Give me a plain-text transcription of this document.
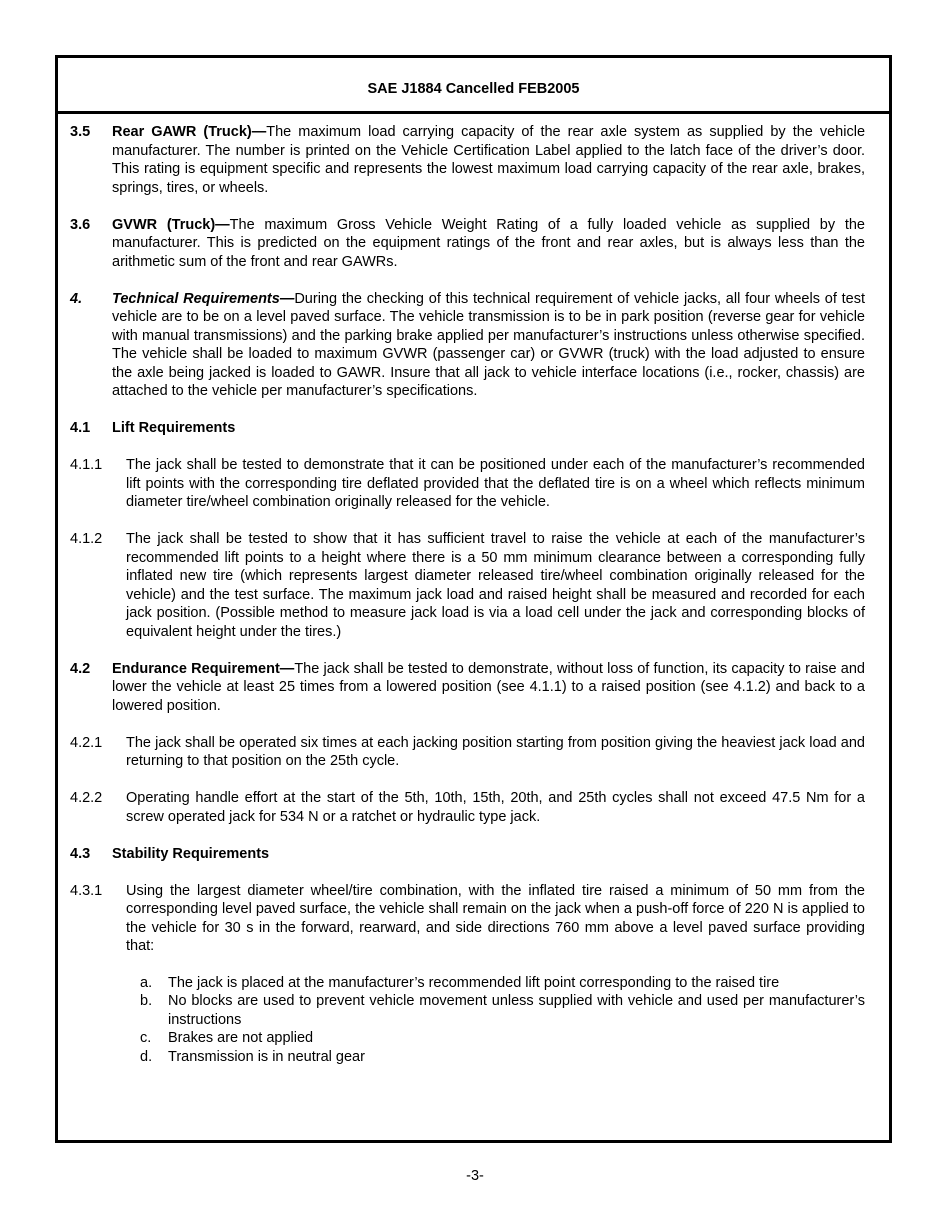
SAE J1884 Cancelled FEB2005
3.5 Rear GAWR (Truck)—The maximum load carrying capacity of the rear axle system as supplied by the vehicle manufacturer. The number is printed on the Vehicle Certification Label applied to the latch face of the driver’s door. This rating is equipment specific and represents the lowest maximum load carrying capacity of the rear axle, brakes, springs, tires, or wheels.
3.6 GVWR (Truck)—The maximum Gross Vehicle Weight Rating of a fully loaded vehicle as supplied by the manufacturer. This is predicted on the equipment ratings of the front and rear axles, but is always less than the arithmetic sum of the front and rear GAWRs.
4. Technical Requirements—During the checking of this technical requirement of vehicle jacks, all four wheels of test vehicle are to be on a level paved surface. The vehicle transmission is to be in park position (reverse gear for vehicle with manual transmissions) and the parking brake applied per manufacturer’s instructions unless otherwise specified. The vehicle shall be loaded to maximum GVWR (passenger car) or GVWR (truck) with the load adjusted to ensure the axle being jacked is loaded to GAWR. Insure that all jack to vehicle interface locations (i.e., rocker, chassis) are attached to the vehicle per manufacturer’s specifications.
4.1 Lift Requirements
4.1.1 The jack shall be tested to demonstrate that it can be positioned under each of the manufacturer’s recommended lift points with the corresponding tire deflated provided that the deflated tire is on a wheel which reflects minimum diameter tire/wheel combination originally released for the vehicle.
4.1.2 The jack shall be tested to show that it has sufficient travel to raise the vehicle at each of the manufacturer’s recommended lift points to a height where there is a 50 mm minimum clearance between a corresponding fully inflated new tire (which represents largest diameter released tire/wheel combination originally released for the vehicle) and the test surface. The maximum jack load and raised height shall be measured and recorded for each jack position. (Possible method to measure jack load is via a load cell under the jack and corresponding blocks of equivalent height under the tires.)
4.2 Endurance Requirement—The jack shall be tested to demonstrate, without loss of function, its capacity to raise and lower the vehicle at least 25 times from a lowered position (see 4.1.1) to a raised position (see 4.1.2) and back to a lowered position.
4.2.1 The jack shall be operated six times at each jacking position starting from position giving the heaviest jack load and returning to that position on the 25th cycle.
4.2.2 Operating handle effort at the start of the 5th, 10th, 15th, 20th, and 25th cycles shall not exceed 47.5 Nm for a screw operated jack for 534 N or a ratchet or hydraulic type jack.
4.3 Stability Requirements
4.3.1 Using the largest diameter wheel/tire combination, with the inflated tire raised a minimum of 50 mm from the corresponding level paved surface, the vehicle shall remain on the jack when a push-off force of 220 N is applied to the vehicle for 30 s in the forward, rearward, and side directions 760 mm above a level paved surface providing that:
a. The jack is placed at the manufacturer’s recommended lift point corresponding to the raised tire
b. No blocks are used to prevent vehicle movement unless supplied with vehicle and used per manufacturer’s instructions
c. Brakes are not applied
d. Transmission is in neutral gear
-3-
